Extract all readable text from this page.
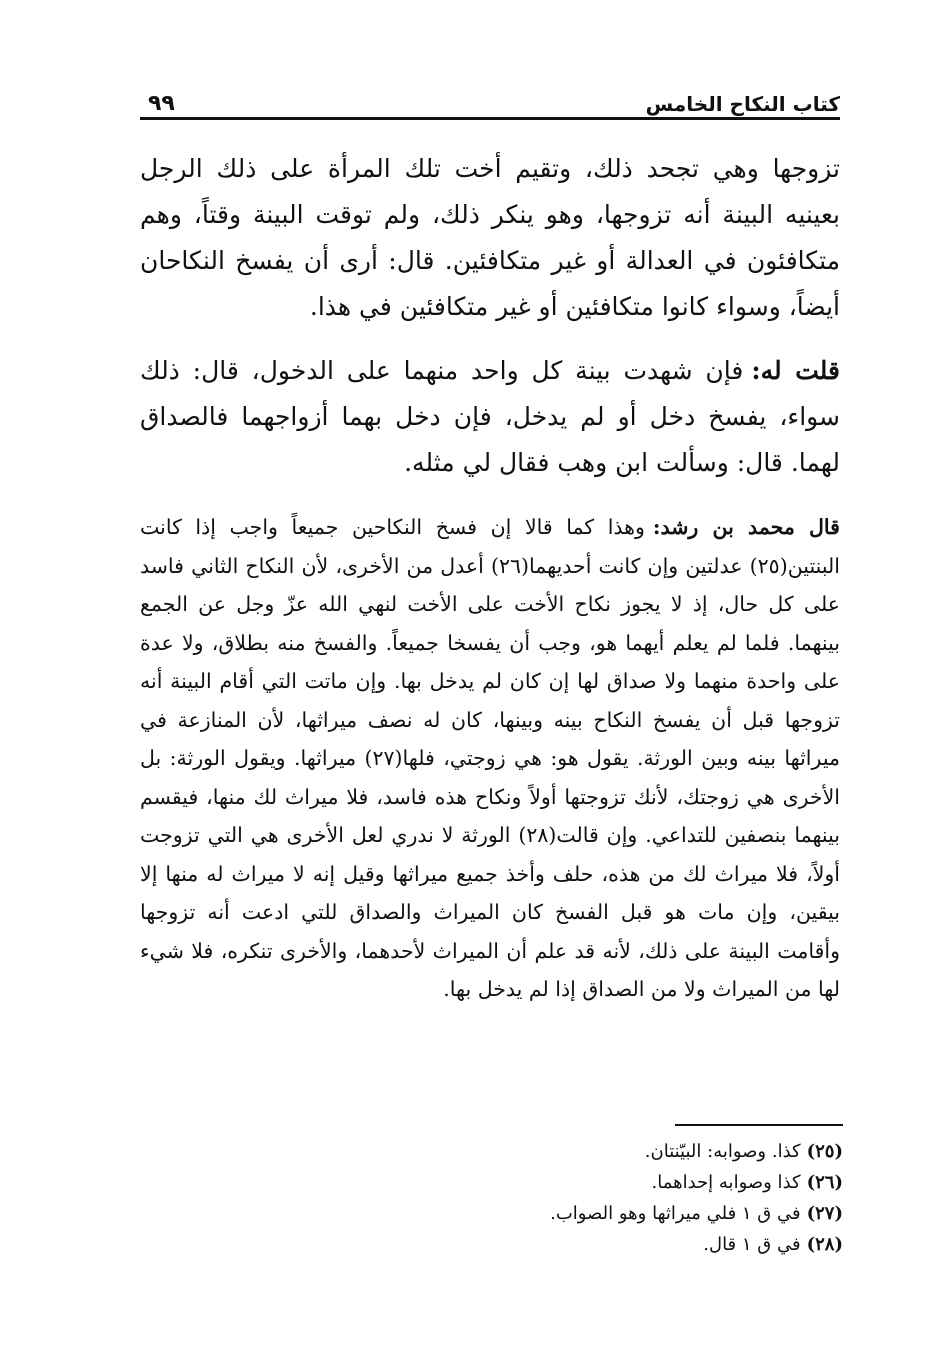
كتاب النكاح الخامس
٩٩

تزوجها وهي تجحد ذلك، وتقيم أخت تلك المرأة على ذلك الرجل بعينيه البينة أنه تزوجها، وهو ينكر ذلك، ولم توقت البينة وقتاً، وهم متكافئون في العدالة أو غير متكافئين. قال: أرى أن يفسخ النكاحان أيضاً، وسواء كانوا متكافئين أو غير متكافئين في هذا.

قلت له:فإن شهدت بينة كل واحد منهما على الدخول، قال: ذلك سواء، يفسخ دخل أو لم يدخل، فإن دخل بهما أزواجهما فالصداق لهما. قال: وسألت ابن وهب فقال لي مثله.

قال محمد بن رشد:وهذا كما قالا إن فسخ النكاحين جميعاً واجب إذا كانت البنتين(٢٥) عدلتين وإن كانت أحديهما(٢٦) أعدل من الأخرى، لأن النكاح الثاني فاسد على كل حال، إذ لا يجوز نكاح الأخت على الأخت لنهي الله عزّ وجل عن الجمع بينهما. فلما لم يعلم أيهما هو، وجب أن يفسخا جميعاً. والفسخ منه بطلاق، ولا عدة على واحدة منهما ولا صداق لها إن كان لم يدخل بها. وإن ماتت التي أقام البينة أنه تزوجها قبل أن يفسخ النكاح بينه وبينها، كان له نصف ميراثها، لأن المنازعة في ميراثها بينه وبين الورثة. يقول هو: هي زوجتي، فلها(٢٧) ميراثها. ويقول الورثة: بل الأخرى هي زوجتك، لأنك تزوجتها أولاً ونكاح هذه فاسد، فلا ميراث لك منها، فيقسم بينهما بنصفين للتداعي. وإن قالت(٢٨) الورثة لا ندري لعل الأخرى هي التي تزوجت أولاً، فلا ميراث لك من هذه، حلف وأخذ جميع ميراثها وقيل إنه لا ميراث له منها إلا بيقين، وإن مات هو قبل الفسخ كان الميراث والصداق للتي ادعت أنه تزوجها وأقامت البينة على ذلك، لأنه قد علم أن الميراث لأحدهما، والأخرى تنكره، فلا شيء لها من الميراث ولا من الصداق إذا لم يدخل بها.

(٢٥)كذا. وصوابه: البيّنتان.

(٢٦)كذا وصوابه إحداهما.

(٢٧)في ق ١ فلي ميراثها وهو الصواب.

(٢٨)في ق ١ قال.
